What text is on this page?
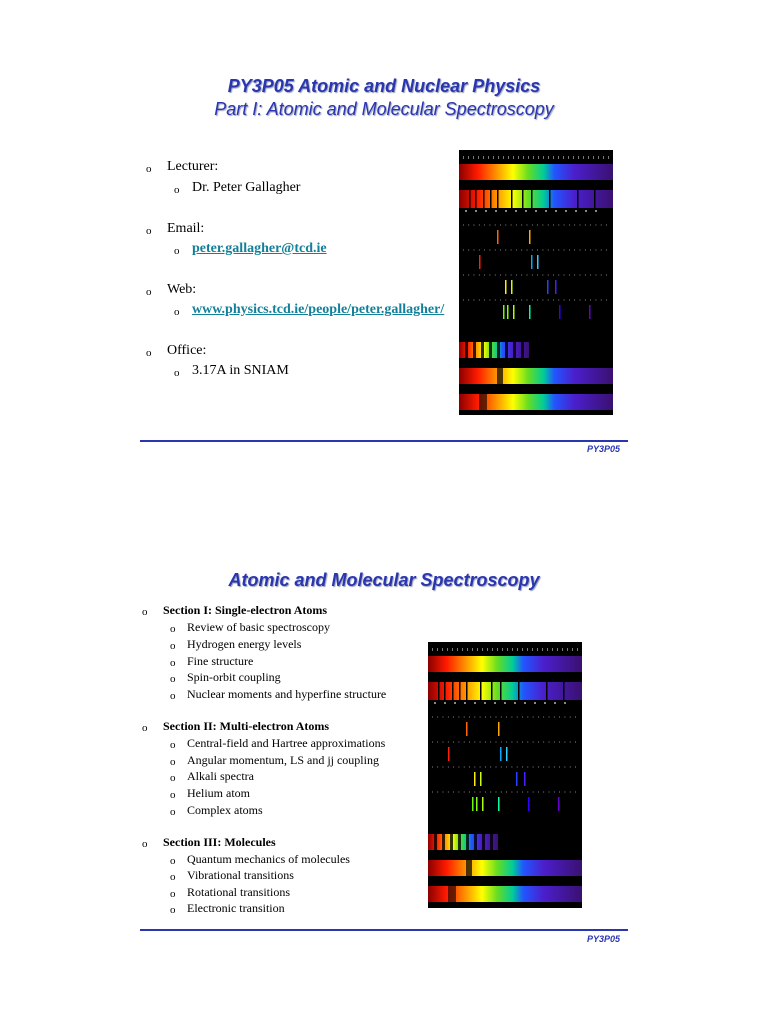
PY3P05 Atomic and Nuclear Physics
Part I: Atomic and Molecular Spectroscopy
o Lecturer:
o Dr. Peter Gallagher
o Email:
o peter.gallagher@tcd.ie
o Web:
o www.physics.tcd.ie/people/peter.gallagher/
o Office:
o 3.17A in SNIAM
PY3P05
Atomic and Molecular Spectroscopy
o Section I: Single-electron Atoms
o Review of basic spectroscopy
o Hydrogen energy levels
o Fine structure
o Spin-orbit coupling
o Nuclear moments and hyperfine structure
o Section II: Multi-electron Atoms
o Central-field and Hartree approximations
o Angular momentum, LS and jj coupling
o Alkali spectra
o Helium atom
o Complex atoms
o Section III: Molecules
o Quantum mechanics of molecules
o Vibrational transitions
o Rotational transitions
o Electronic transition
PY3P05
